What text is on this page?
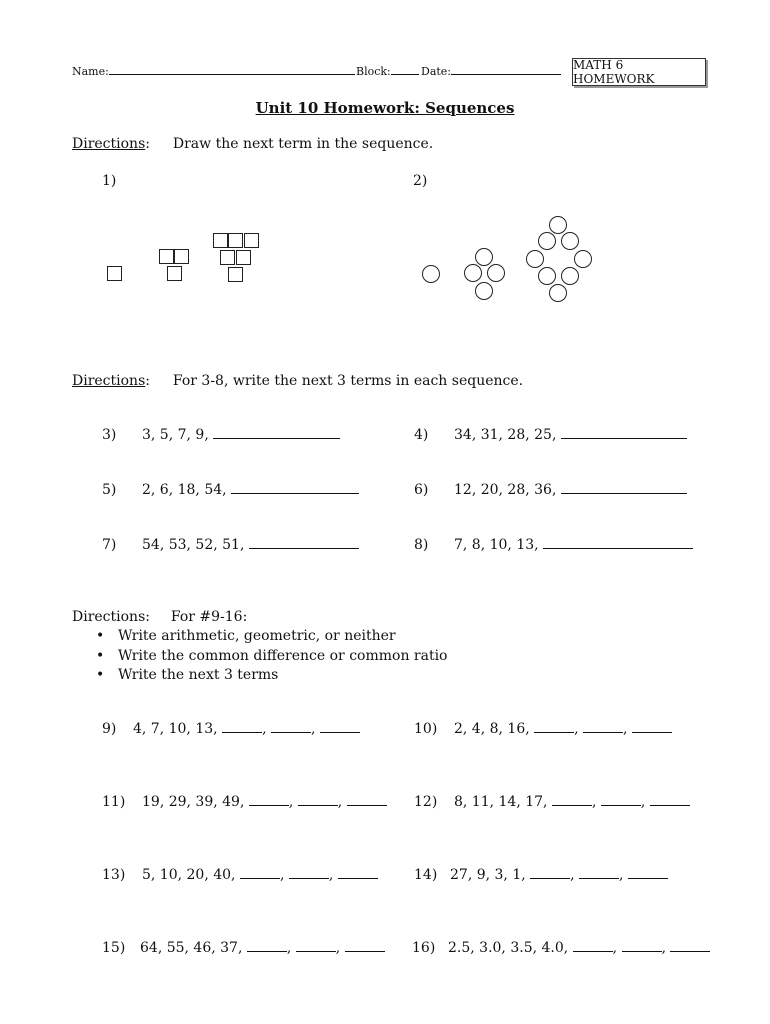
Name:	Block:	Date:	MATH 6 HOMEWORK
Unit 10 Homework: Sequences
Directions: Draw the next term in the sequence.
1)	2)
Directions: For 3-8, write the next 3 terms in each sequence.
3) 3, 5, 7, 9,	4) 34, 31, 28, 25,
5) 2, 6, 18, 54,	6) 12, 20, 28, 36,
7) 54, 53, 52, 51,	8) 7, 8, 10, 13,
Directions: For #9-16:
• Write arithmetic, geometric, or neither
• Write the common difference or common ratio
• Write the next 3 terms
9) 4, 7, 10, 13,	,	,	10) 2, 4, 8, 16,	,	,
11) 19, 29, 39, 49,	,	,	12) 8, 11, 14, 17,	,	,
13) 5, 10, 20, 40,	,	,	14) 27, 9, 3, 1,	,	,
15) 64, 55, 46, 37,	,	,	16) 2.5, 3.0, 3.5, 4.0,	,	,
